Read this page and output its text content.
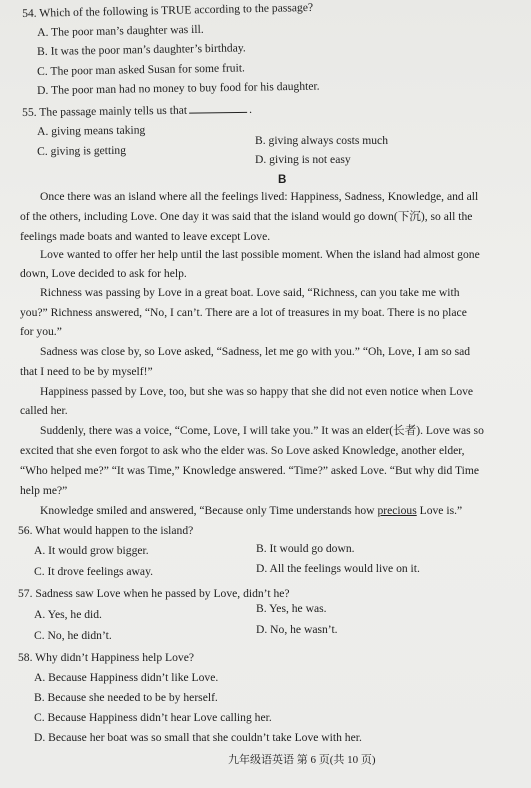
54. Which of the following is TRUE according to the passage?
A. The poor man’s daughter was ill.
B. It was the poor man’s daughter’s birthday.
C. The poor man asked Susan for some fruit.
D. The poor man had no money to buy food for his daughter.
55. The passage mainly tells us that	.
A. giving means taking
B. giving always costs much
C. giving is getting
D. giving is not easy
B
Once there was an island where all the feelings lived: Happiness, Sadness, Knowledge, and all
of the others, including Love. One day it was said that the island would go down(下沉), so all the
feelings made boats and wanted to leave except Love.
Love wanted to offer her help until the last possible moment. When the island had almost gone
down, Love decided to ask for help.
Richness was passing by Love in a great boat. Love said, “Richness, can you take me with
you?” Richness answered, “No, I can’t. There are a lot of treasures in my boat. There is no place
for you.”
Sadness was close by, so Love asked, “Sadness, let me go with you.” “Oh, Love, I am so sad
that I need to be by myself!”
Happiness passed by Love, too, but she was so happy that she did not even notice when Love
called her.
Suddenly, there was a voice, “Come, Love, I will take you.” It was an elder(长者). Love was so
excited that she even forgot to ask who the elder was. So Love asked Knowledge, another elder,
“Who helped me?” “It was Time,” Knowledge answered. “Time?” asked Love. “But why did Time
help me?”
Knowledge smiled and answered, “Because only Time understands how precious Love is.”
56. What would happen to the island?
A. It would grow bigger.	B. It would go down.
C. It drove feelings away.	D. All the feelings would live on it.
57. Sadness saw Love when he passed by Love, didn’t he?
A. Yes, he did.	B. Yes, he was.
C. No, he didn’t.	D. No, he wasn’t.
58. Why didn’t Happiness help Love?
A. Because Happiness didn’t like Love.
B. Because she needed to be by herself.
C. Because Happiness didn’t hear Love calling her.
D. Because her boat was so small that she couldn’t take Love with her.
九年级语英语 第 6 页(共 10 页)
